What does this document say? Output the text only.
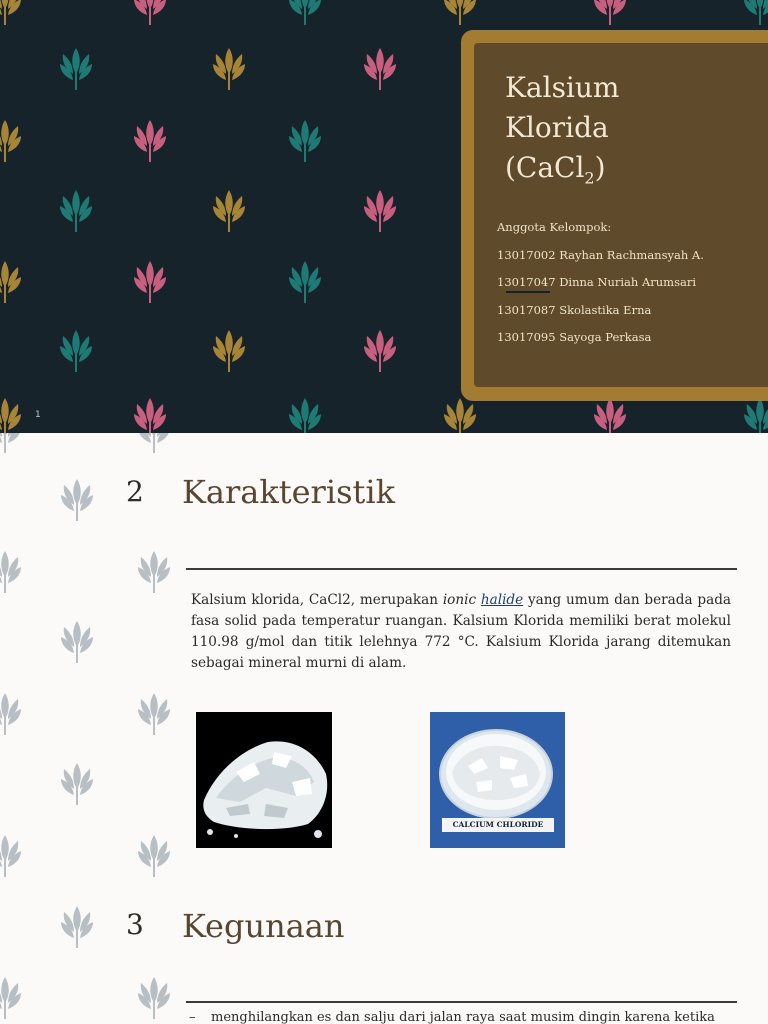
Kalsium
Klorida
(CaCl$_2$)
Anggota Kelompok:
13017002 Rayhan Rachmansyah A.
13017047 Dinna Nuriah Arumsari
13017087 Skolastika Erna
13017095 Sayoga Perkasa
1
2 Karakteristik
Kalsium klorida, CaCl2, merupakan ionic halide yang umum dan berada pada fasa solid pada temperatur ruangan. Kalsium Klorida memiliki berat molekul 110.98 g/mol dan titik lelehnya 772 °C. Kalsium Klorida jarang ditemukan sebagai mineral murni di alam.
CALCIUM CHLORIDE
3 Kegunaan
– menghilangkan es dan salju dari jalan raya saat musim dingin karena ketika
